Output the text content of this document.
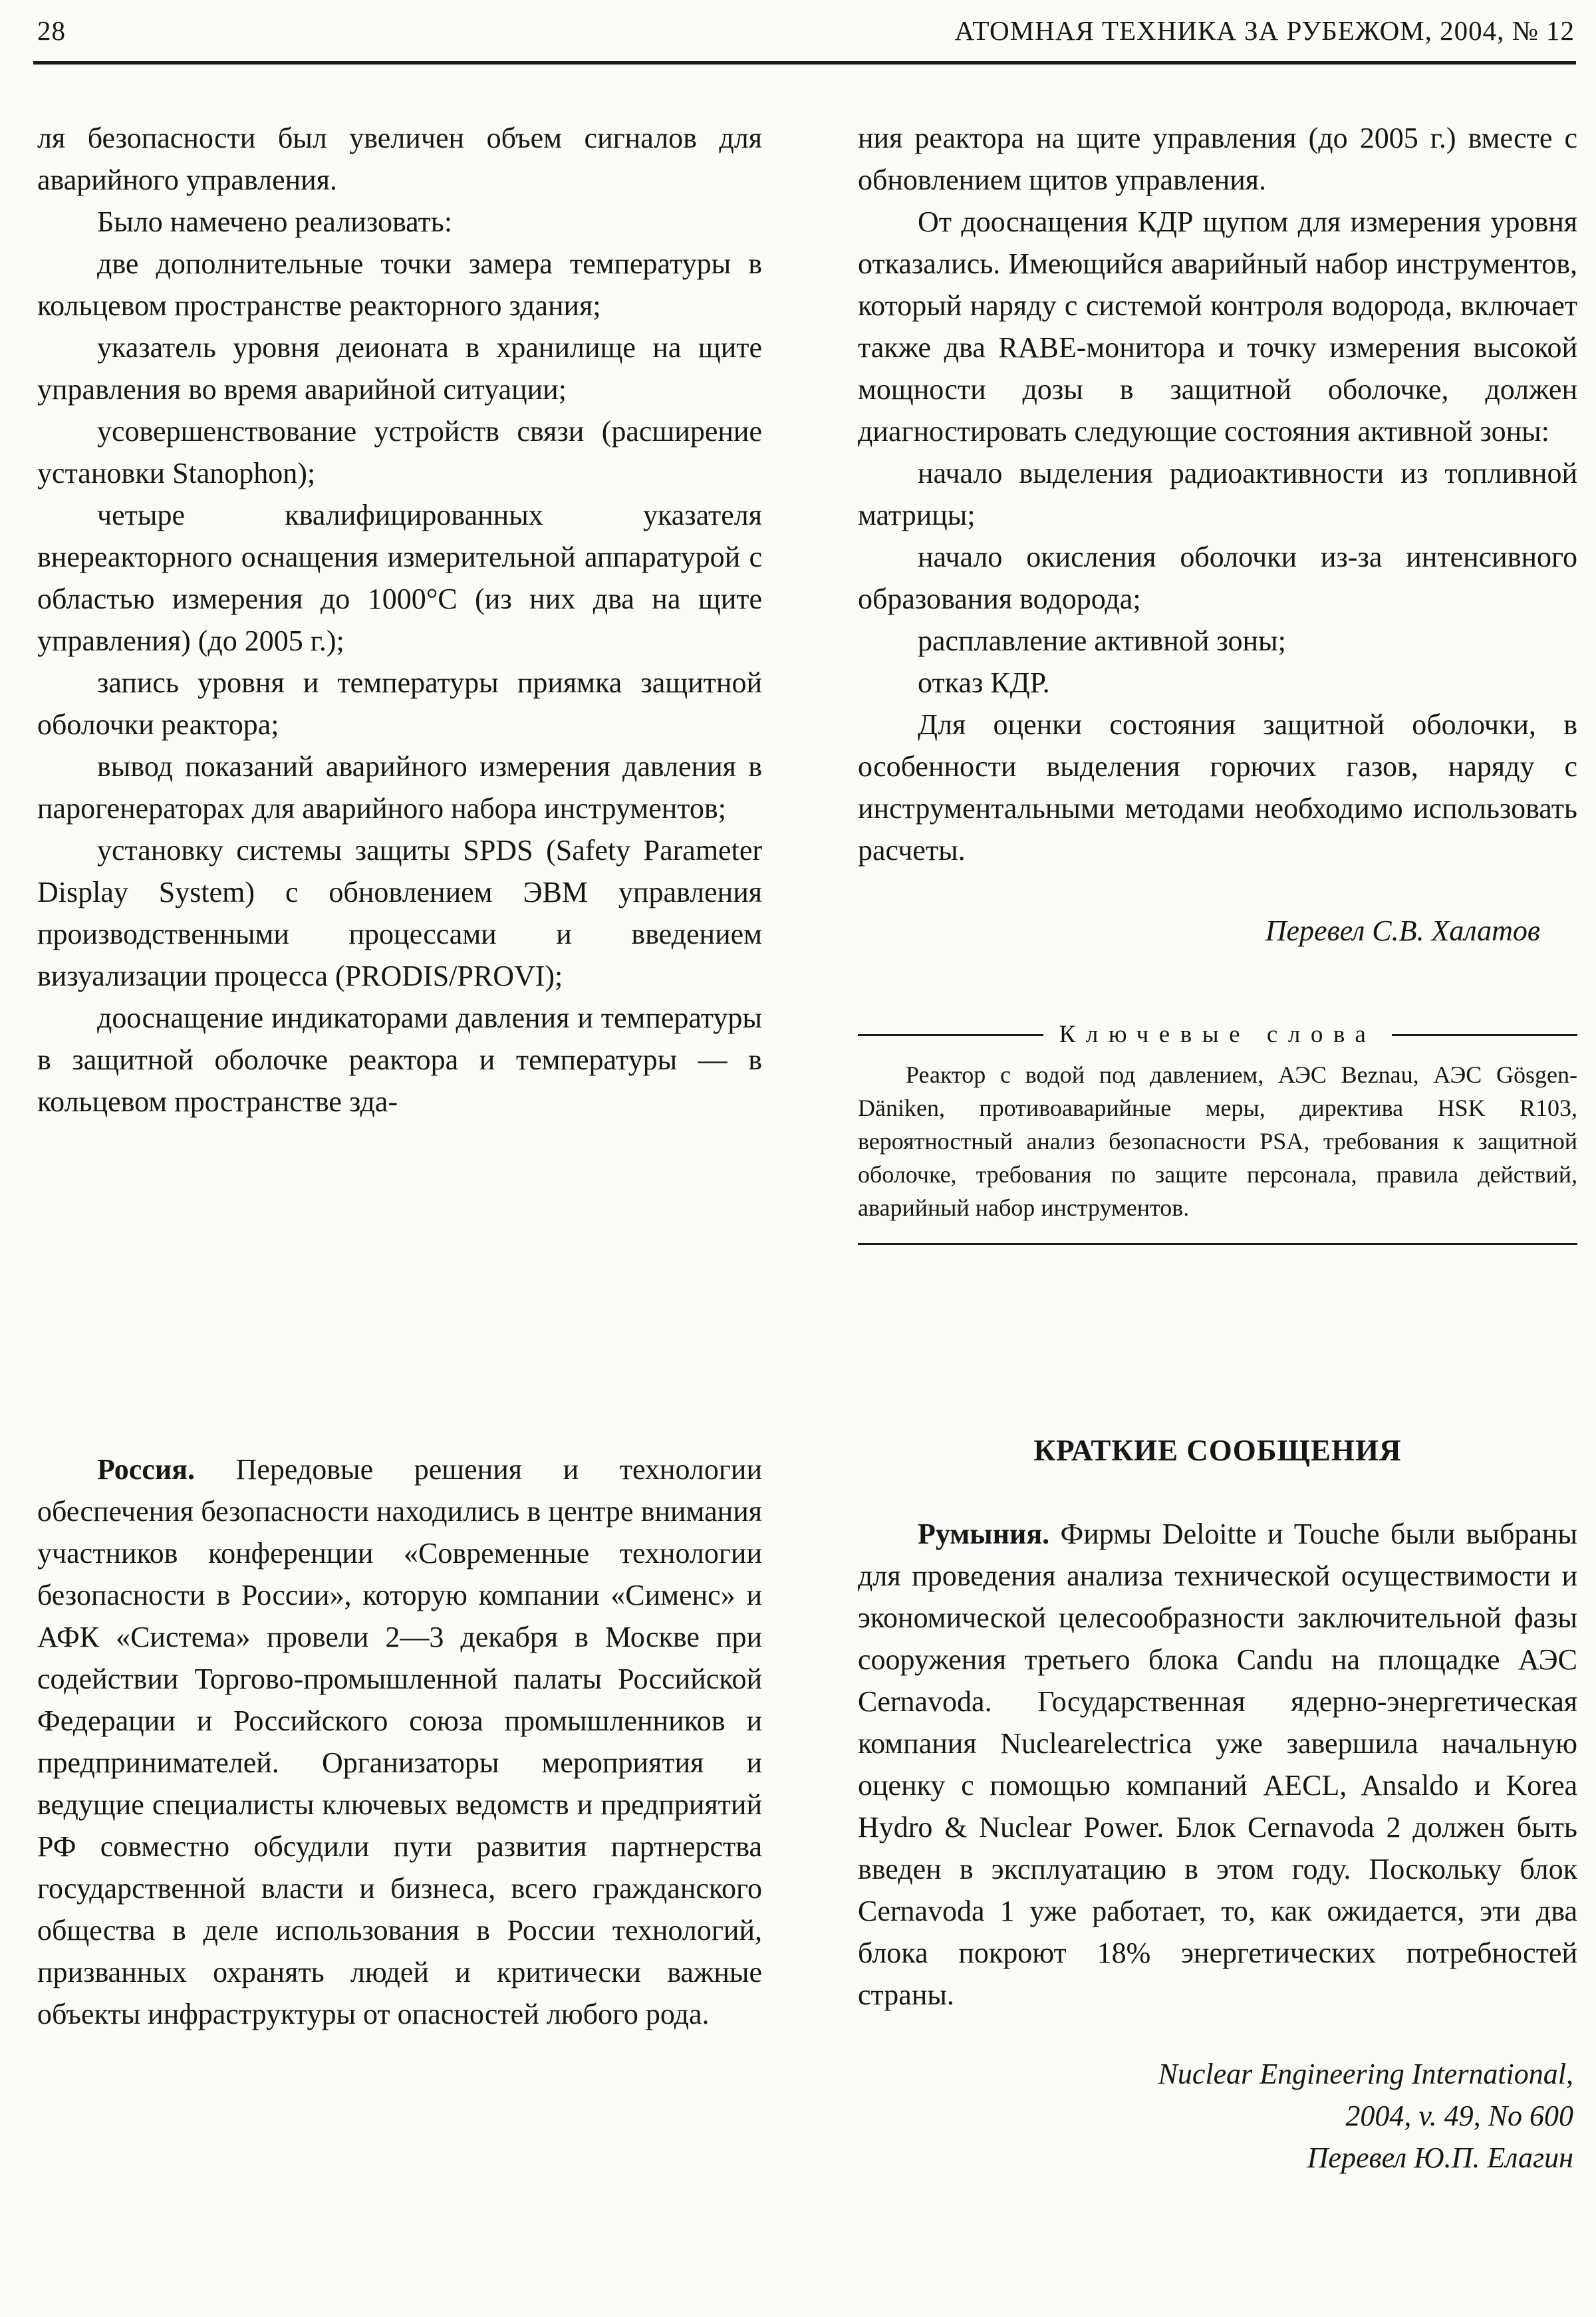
28	АТОМНАЯ ТЕХНИКА ЗА РУБЕЖОМ, 2004, № 12

ля безопасности был увеличен объем сигналов для аварийного управления.

Было намечено реализовать:

две дополнительные точки замера температуры в кольцевом пространстве реакторного здания;

указатель уровня деионата в хранилище на щите управления во время аварийной ситуации;

усовершенствование устройств связи (расширение установки Stanophon);

четыре квалифицированных указателя внереакторного оснащения измерительной аппаратурой с областью измерения до 1000°C (из них два на щите управления) (до 2005 г.);

запись уровня и температуры приямка защитной оболочки реактора;

вывод показаний аварийного измерения давления в парогенераторах для аварийного набора инструментов;

установку системы защиты SPDS (Safety Parameter Display System) с обновлением ЭВМ управления производственными процессами и введением визуализации процесса (PRODIS/PROVI);

дооснащение индикаторами давления и температуры в защитной оболочке реактора и температуры — в кольцевом пространстве зда-

Россия. Передовые решения и технологии обеспечения безопасности находились в центре внимания участников конференции «Современные технологии безопасности в России», которую компании «Сименс» и АФК «Система» провели 2—3 декабря в Москве при содействии Торгово-промышленной палаты Российской Федерации и Российского союза промышленников и предпринимателей. Организаторы мероприятия и ведущие специалисты ключевых ведомств и предприятий РФ совместно обсудили пути развития партнерства государственной власти и бизнеса, всего гражданского общества в деле использования в России технологий, призванных охранять людей и критически важные объекты инфраструктуры от опасностей любого рода.

ния реактора на щите управления (до 2005 г.) вместе с обновлением щитов управления.

От дооснащения КДР щупом для измерения уровня отказались. Имеющийся аварийный набор инструментов, который наряду с системой контроля водорода, включает также два RABE-монитора и точку измерения высокой мощности дозы в защитной оболочке, должен диагностировать следующие состояния активной зоны:

начало выделения радиоактивности из топливной матрицы;

начало окисления оболочки из-за интенсивного образования водорода;

расплавление активной зоны;

отказ КДР.

Для оценки состояния защитной оболочки, в особенности выделения горючих газов, наряду с инструментальными методами необходимо использовать расчеты.

Перевел С.В. Халатов

Ключевые слова

Реактор с водой под давлением, АЭС Beznau, АЭС Gösgen-Däniken, противоаварийные меры, директива HSK R103, вероятностный анализ безопасности PSA, требования к защитной оболочке, требования по защите персонала, правила действий, аварийный набор инструментов.

КРАТКИЕ СООБЩЕНИЯ

Румыния. Фирмы Deloitte и Touche были выбраны для проведения анализа технической осуществимости и экономической целесообразности заключительной фазы сооружения третьего блока Candu на площадке АЭС Cernavoda. Государственная ядерно-энергетическая компания Nuclearelectrica уже завершила начальную оценку с помощью компаний AECL, Ansaldo и Korea Hydro & Nuclear Power. Блок Cernavoda 2 должен быть введен в эксплуатацию в этом году. Поскольку блок Cernavoda 1 уже работает, то, как ожидается, эти два блока покроют 18% энергетических потребностей страны.

Nuclear Engineering International,
2004, v. 49, No 600

Перевел Ю.П. Елагин
